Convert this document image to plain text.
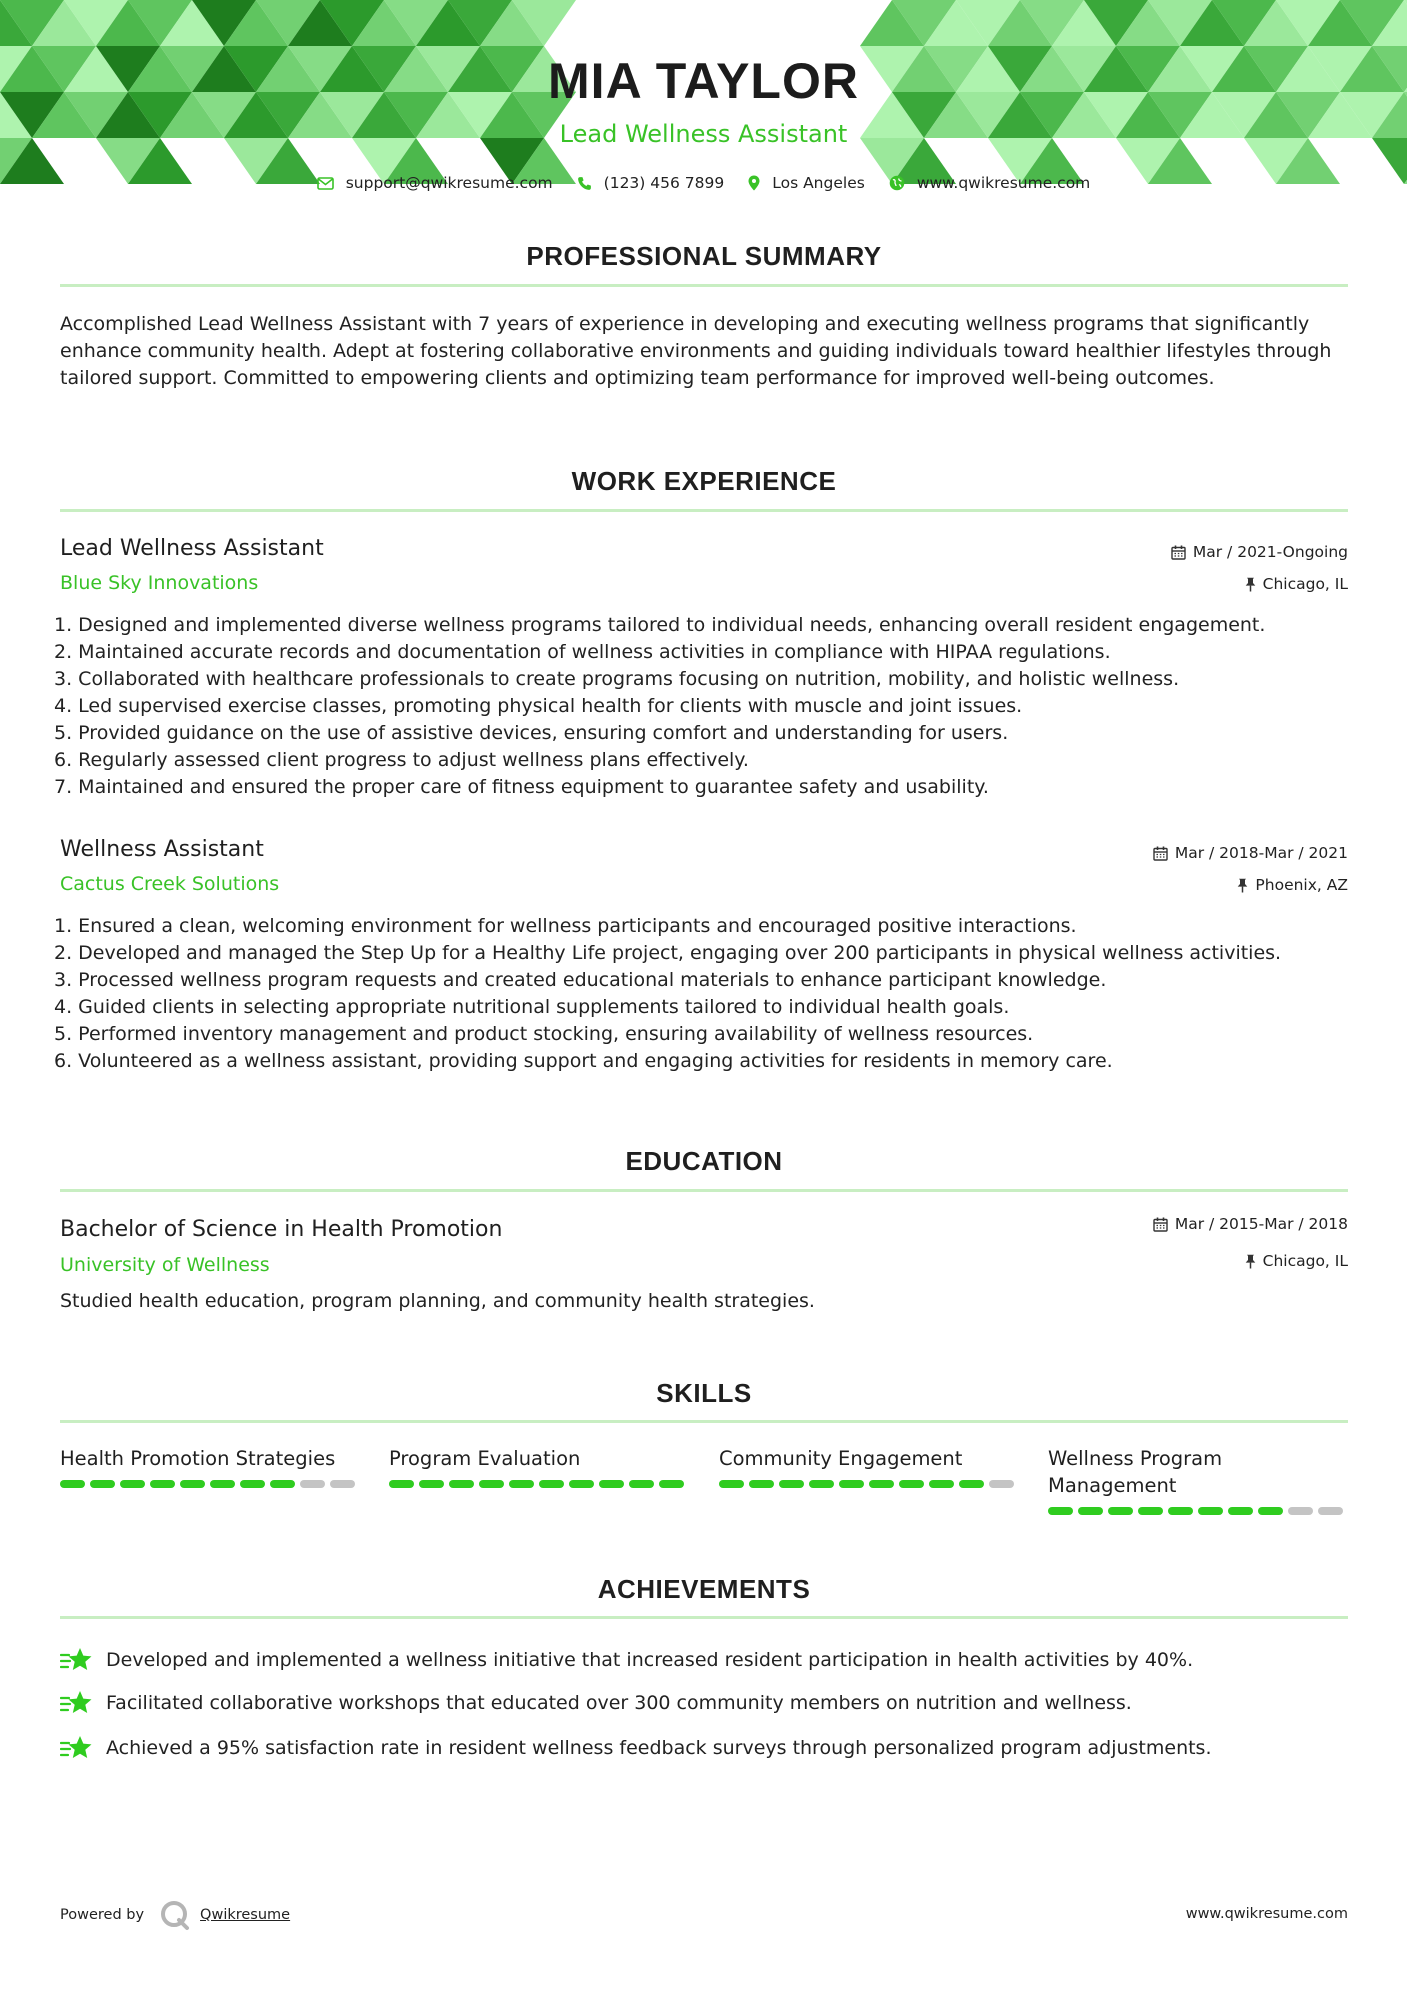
MIA TAYLOR
Lead Wellness Assistant
support@qwikresume.com	(123) 456 7899	Los Angeles	www.qwikresume.com
PROFESSIONAL SUMMARY

Accomplished Lead Wellness Assistant with 7 years of experience in developing and executing wellness programs that significantly enhance community health. Adept at fostering collaborative environments and guiding individuals toward healthier lifestyles through tailored support. Committed to empowering clients and optimizing team performance for improved well-being outcomes.

WORK EXPERIENCE
Lead Wellness Assistant	Mar / 2021-Ongoing
Blue Sky Innovations	Chicago, IL
1. Designed and implemented diverse wellness programs tailored to individual needs, enhancing overall resident engagement.
2. Maintained accurate records and documentation of wellness activities in compliance with HIPAA regulations.
3. Collaborated with healthcare professionals to create programs focusing on nutrition, mobility, and holistic wellness.
4. Led supervised exercise classes, promoting physical health for clients with muscle and joint issues.
5. Provided guidance on the use of assistive devices, ensuring comfort and understanding for users.
6. Regularly assessed client progress to adjust wellness plans effectively.
7. Maintained and ensured the proper care of fitness equipment to guarantee safety and usability.
Wellness Assistant	Mar / 2018-Mar / 2021
Cactus Creek Solutions	Phoenix, AZ
1. Ensured a clean, welcoming environment for wellness participants and encouraged positive interactions.
2. Developed and managed the Step Up for a Healthy Life project, engaging over 200 participants in physical wellness activities.
3. Processed wellness program requests and created educational materials to enhance participant knowledge.
4. Guided clients in selecting appropriate nutritional supplements tailored to individual health goals.
5. Performed inventory management and product stocking, ensuring availability of wellness resources.
6. Volunteered as a wellness assistant, providing support and engaging activities for residents in memory care.
EDUCATION
Bachelor of Science in Health Promotion	Mar / 2015-Mar / 2018
University of Wellness	Chicago, IL
Studied health education, program planning, and community health strategies.
SKILLS
Health Promotion Strategies	Program Evaluation	Community Engagement	Wellness Program Management
ACHIEVEMENTS
Developed and implemented a wellness initiative that increased resident participation in health activities by 40%.
Facilitated collaborative workshops that educated over 300 community members on nutrition and wellness.
Achieved a 95% satisfaction rate in resident wellness feedback surveys through personalized program adjustments.
Powered by	Qwikresume	www.qwikresume.com
